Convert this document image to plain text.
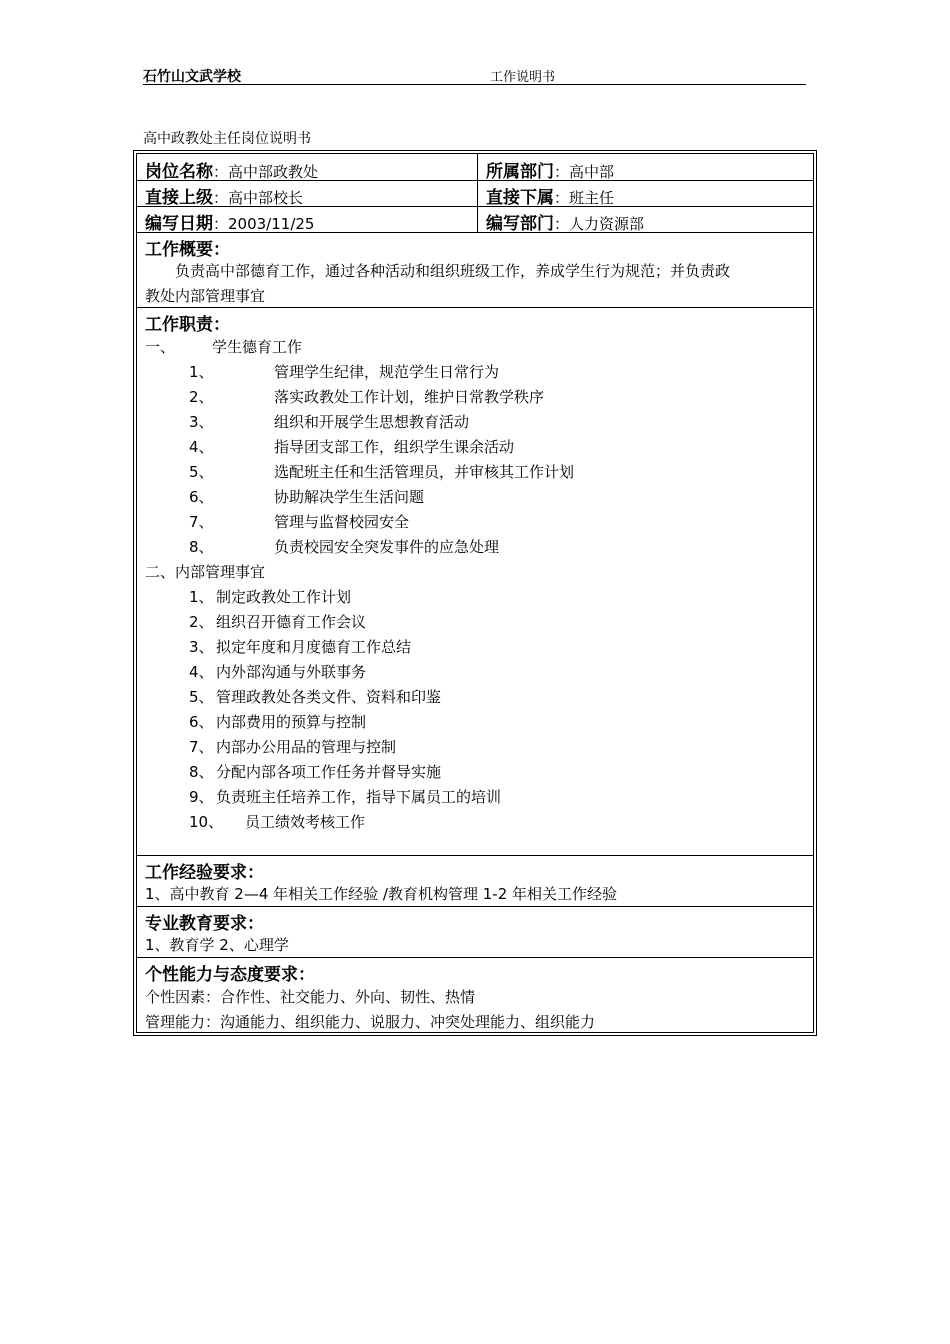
石竹山文武学校	工作说明书
高中政教处主任岗位说明书
岗位名称：高中部政教处	所属部门：高中部
直接上级：高中部校长	直接下属：班主任
编写日期：2003/11/25	编写部门：人力资源部
工作概要：
负责高中部德育工作，通过各种活动和组织班级工作，养成学生行为规范；并负责政
教处内部管理事宜
工作职责：
一、 学生德育工作
1、	管理学生纪律，规范学生日常行为
2、	落实政教处工作计划，维护日常教学秩序
3、	组织和开展学生思想教育活动
4、	指导团支部工作，组织学生课余活动
5、	选配班主任和生活管理员，并审核其工作计划
6、	协助解决学生生活问题
7、	管理与监督校园安全
8、	负责校园安全突发事件的应急处理
二、内部管理事宜
1、 制定政教处工作计划
2、 组织召开德育工作会议
3、 拟定年度和月度德育工作总结
4、 内外部沟通与外联事务
5、 管理政教处各类文件、资料和印鉴
6、 内部费用的预算与控制
7、 内部办公用品的管理与控制
8、 分配内部各项工作任务并督导实施
9、 负责班主任培养工作，指导下属员工的培训
10、 员工绩效考核工作
工作经验要求：
1、高中教育 2—4 年相关工作经验 /教育机构管理 1-2 年相关工作经验
专业教育要求：
1、教育学 2、心理学
个性能力与态度要求：
个性因素：合作性、社交能力、外向、韧性、热情
管理能力：沟通能力、组织能力、说服力、冲突处理能力、组织能力
